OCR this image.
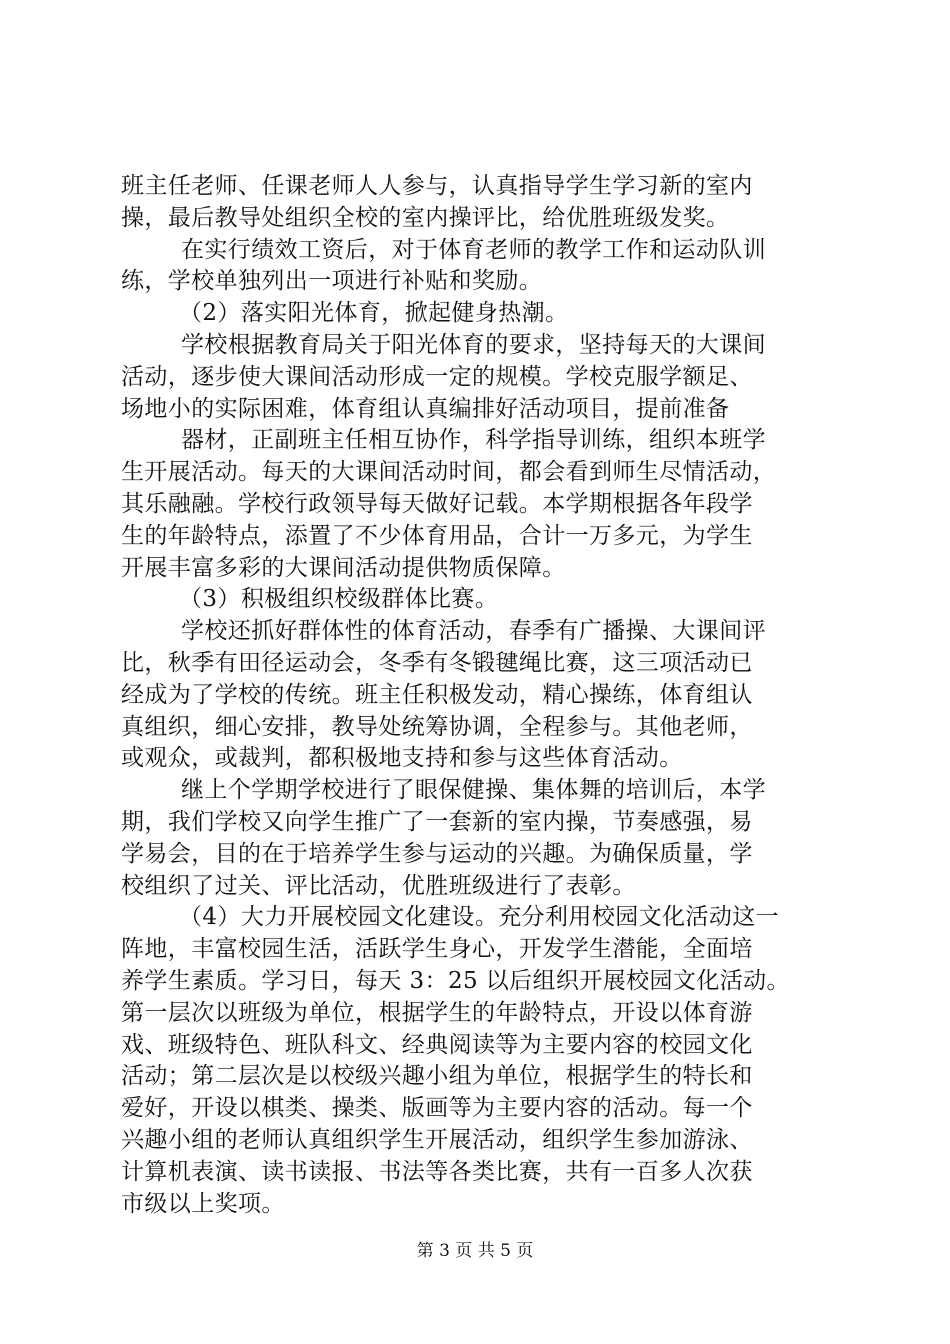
班主任老师、任课老师人人参与，认真指导学生学习新的室内

操，最后教导处组织全校的室内操评比，给优胜班级发奖。

在实行绩效工资后，对于体育老师的教学工作和运动队训

练，学校单独列出一项进行补贴和奖励。

（2）落实阳光体育，掀起健身热潮。

学校根据教育局关于阳光体育的要求，坚持每天的大课间

活动，逐步使大课间活动形成一定的规模。学校克服学额足、

场地小的实际困难，体育组认真编排好活动项目，提前准备

器材，正副班主任相互协作，科学指导训练，组织本班学

生开展活动。每天的大课间活动时间，都会看到师生尽情活动，

其乐融融。学校行政领导每天做好记载。本学期根据各年段学

生的年龄特点，添置了不少体育用品，合计一万多元，为学生

开展丰富多彩的大课间活动提供物质保障。

（3）积极组织校级群体比赛。

学校还抓好群体性的体育活动，春季有广播操、大课间评

比，秋季有田径运动会，冬季有冬锻毽绳比赛，这三项活动已

经成为了学校的传统。班主任积极发动，精心操练，体育组认

真组织，细心安排，教导处统筹协调，全程参与。其他老师，

或观众，或裁判，都积极地支持和参与这些体育活动。

继上个学期学校进行了眼保健操、集体舞的培训后，本学

期，我们学校又向学生推广了一套新的室内操，节奏感强，易

学易会，目的在于培养学生参与运动的兴趣。为确保质量，学

校组织了过关、评比活动，优胜班级进行了表彰。

（4）大力开展校园文化建设。充分利用校园文化活动这一

阵地，丰富校园生活，活跃学生身心，开发学生潜能，全面培

养学生素质。学习日，每天 3：25 以后组织开展校园文化活动。

第一层次以班级为单位，根据学生的年龄特点，开设以体育游

戏、班级特色、班队科文、经典阅读等为主要内容的校园文化

活动；第二层次是以校级兴趣小组为单位，根据学生的特长和

爱好，开设以棋类、操类、版画等为主要内容的活动。每一个

兴趣小组的老师认真组织学生开展活动，组织学生参加游泳、

计算机表演、读书读报、书法等各类比赛，共有一百多人次获

市级以上奖项。

第 3 页 共 5 页
